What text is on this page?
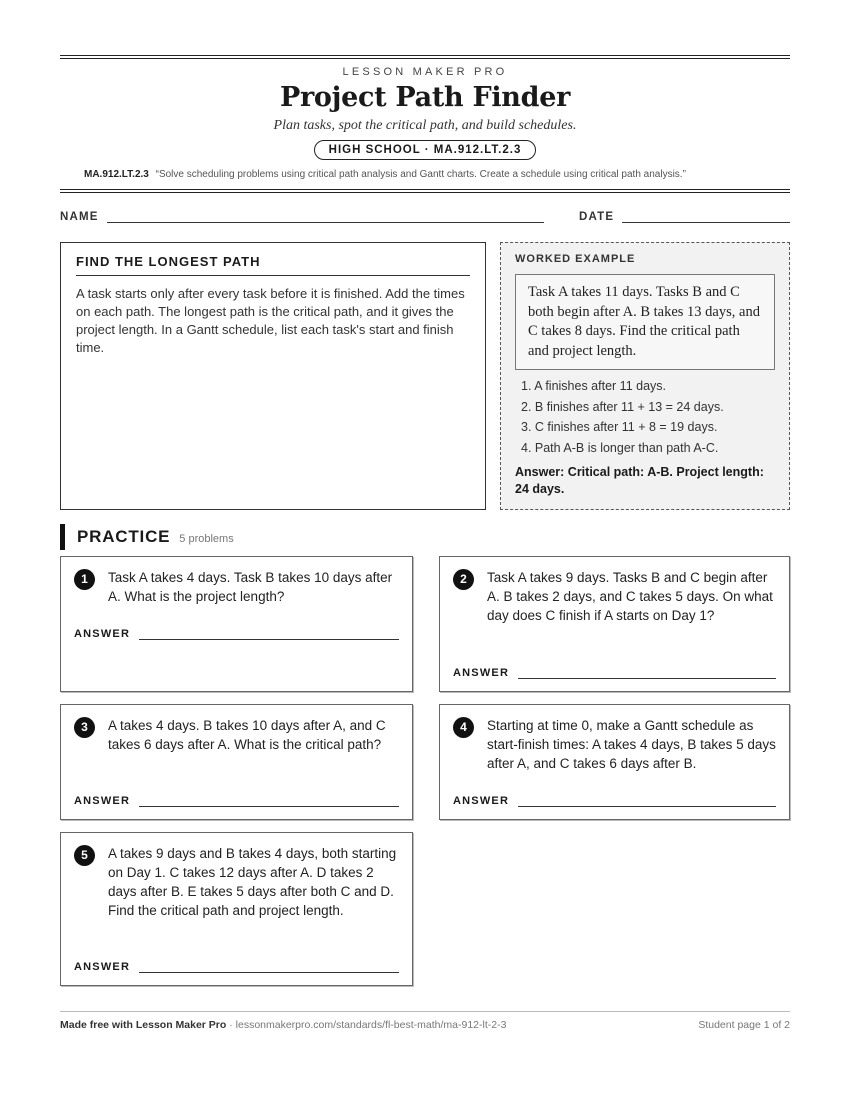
LESSON MAKER PRO
Project Path Finder
Plan tasks, spot the critical path, and build schedules.
HIGH SCHOOL · MA.912.LT.2.3
MA.912.LT.2.3 “Solve scheduling problems using critical path analysis and Gantt charts. Create a schedule using critical path analysis.”
NAME	DATE
FIND THE LONGEST PATH
A task starts only after every task before it is finished. Add the times on each path. The longest path is the critical path, and it gives the project length. In a Gantt schedule, list each task's start and finish time.
WORKED EXAMPLE
Task A takes 11 days. Tasks B and C both begin after A. B takes 13 days, and C takes 8 days. Find the critical path and project length.
1. A finishes after 11 days.
2. B finishes after 11 + 13 = 24 days.
3. C finishes after 11 + 8 = 19 days.
4. Path A-B is longer than path A-C.
Answer: Critical path: A-B. Project length: 24 days.
PRACTICE 5 problems
1	Task A takes 4 days. Task B takes 10 days after A. What is the project length?
ANSWER
2	Task A takes 9 days. Tasks B and C begin after A. B takes 2 days, and C takes 5 days. On what day does C finish if A starts on Day 1?
ANSWER
3	A takes 4 days. B takes 10 days after A, and C takes 6 days after A. What is the critical path?
ANSWER
4	Starting at time 0, make a Gantt schedule as start-finish times: A takes 4 days, B takes 5 days after A, and C takes 6 days after B.
ANSWER
5	A takes 9 days and B takes 4 days, both starting on Day 1. C takes 12 days after A. D takes 2 days after B. E takes 5 days after both C and D. Find the critical path and project length.
ANSWER
Made free with Lesson Maker Pro · lessonmakerpro.com/standards/fl-best-math/ma-912-lt-2-3	Student page 1 of 2
